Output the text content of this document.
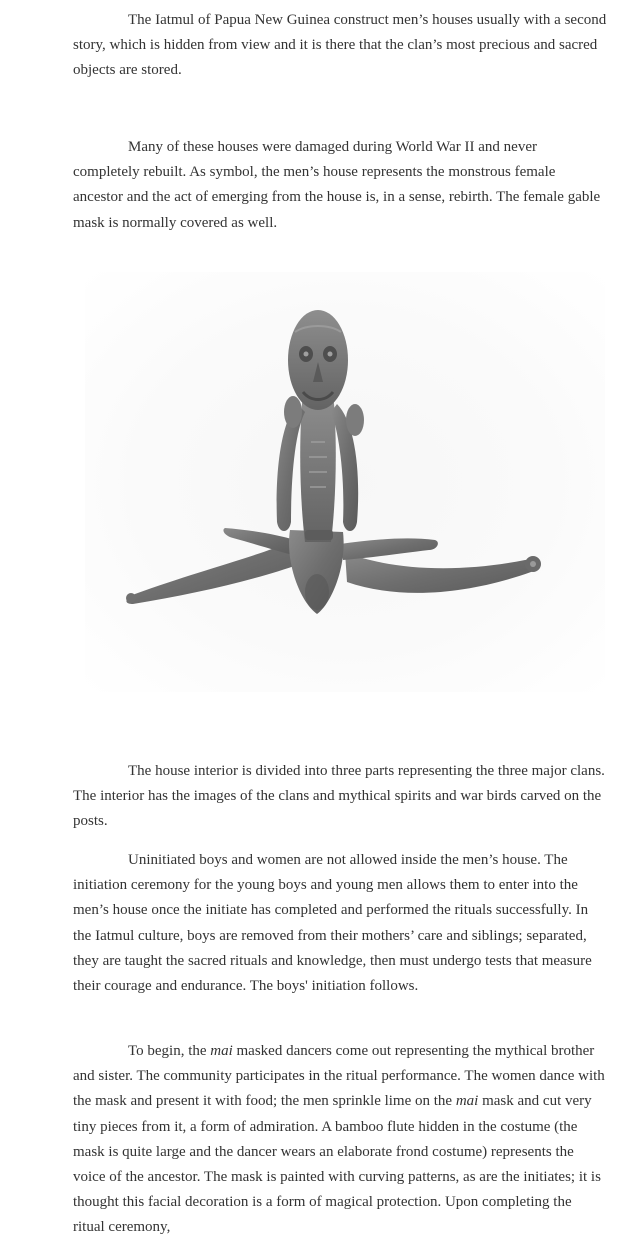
The Iatmul of Papua New Guinea construct men’s houses usually with a second story, which is hidden from view and it is there that the clan’s most precious and sacred objects are stored.

Many of these houses were damaged during World War II and never completely rebuilt. As symbol, the men’s house represents the monstrous female ancestor and the act of emerging from the house is, in a sense, rebirth. The female gable mask is normally covered as well.

The house interior is divided into three parts representing the three major clans. The interior has the images of the clans and mythical spirits and war birds carved on the posts.

Uninitiated boys and women are not allowed inside the men’s house. The initiation ceremony for the young boys and young men allows them to enter into the men’s house once the initiate has completed and performed the rituals successfully. In the Iatmul culture, boys are removed from their mothers’ care and siblings; separated, they are taught the sacred rituals and knowledge, then must undergo tests that measure their courage and endurance. The boys' initiation follows.

To begin, the mai masked dancers come out representing the mythical brother and sister. The community participates in the ritual performance. The women dance with the mask and present it with food; the men sprinkle lime on the mai mask and cut very tiny pieces from it, a form of admiration. A bamboo flute hidden in the costume (the mask is quite large and the dancer wears an elaborate frond costume) represents the voice of the ancestor. The mask is painted with curving patterns, as are the initiates; it is thought this facial decoration is a form of magical protection. Upon completing the ritual ceremony,
